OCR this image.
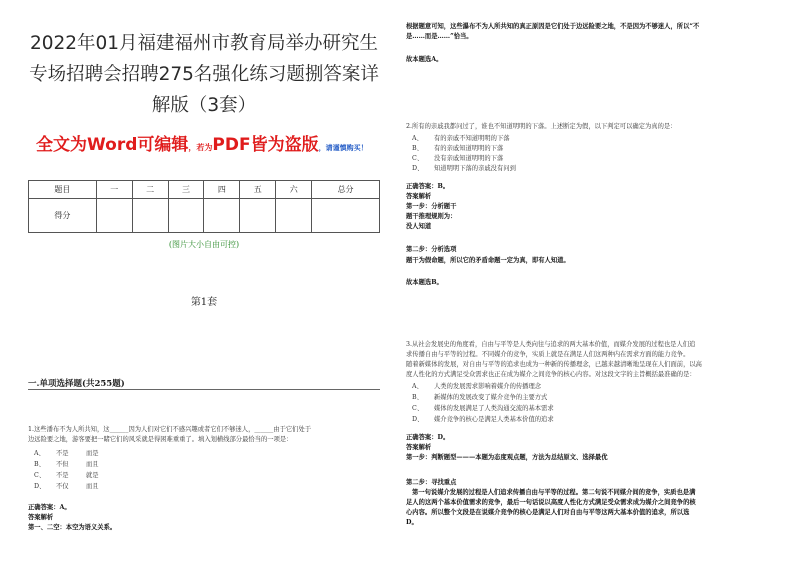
2022年01月福建福州市教育局举办研究生
专场招聘会招聘275名强化练习题捌答案详
解版（3套）
全文为Word可编辑，若为PDF皆为盗版，请谨慎购买！
题目	一	二	三	四	五	六	总分
得分							
(图片大小自由可控)
第1套
一.单项选择题(共255题)
1.这些潘布不为人所共知，这______因为人们对它们不感兴趣或者它们不够迷人，______由于它们处于
边远险要之地，游客要把一睹它们的风采就是得困难重重了。填入划横线部分最恰当的一项是：
A、 不是	而是
B、 不但	而且
C、 不是	就是
D、 不仅	而且
正确答案：A。
答案解析
第一、二空：本空为语义关系。
根据题意可知，这些瀑布不为人所共知的真正原因是它们处于边远险要之地，不是因为不够迷人，所以“不
是……而是……”恰当。
故本题选A。
2.所有的亲戚我都问过了，谁也不知道明明的下落。上述断定为假，以下判定可以确定为真的是：
A、 有的亲戚不知道明明的下落
B、 有的亲戚知道明明的下落
C、 没有亲戚知道明明的下落
D、 知道明明下落的亲戚没有问到
正确答案：B。
答案解析
第一步：分析题干
题干推理规则为：
没人知道
第二步：分析选项
题干为假命题，所以它的矛盾命题一定为真，即有人知道。
故本题选B。
3.从社会发展史的角度看，自由与平等是人类向往与追求的两大基本价值，而媒介发展的过程也是人们追
求传播自由与平等的过程。不同媒介的竞争，实质上就是在满足人们这两种内在需求方面的能力竞争。
随着新媒体的发展，对自由与平等的追求也成为一种新的传播理念，已越来越清晰地呈现在人们面前，以高
度人性化的方式满足受众需求也正在成为媒介之间竞争的核心内容。对这段文字的主旨概括最准确的是：
A、 人类的发展需求影响着媒介的传播理念
B、 新媒体的发展改变了媒介竞争的主要方式
C、 媒体的发展满足了人类沟通交流的基本需求
D、 媒介竞争的核心是满足人类基本价值的追求
正确答案：D。
答案解析
第一步：判断题型———本题为态度观点题，方法为总结原文、选择最优
第二步：寻找重点
第一句说媒介发展的过程是人们追求传播自由与平等的过程。第二句说不同媒介间的竞争，实质也是满
足人的这两个基本价值需求的竞争，最后一句话说以高度人性化方式满足受众需求成为媒介之间竞争的核
心内容。所以整个文段是在说媒介竞争的核心是满足人们对自由与平等这两大基本价值的追求，所以选
D。
